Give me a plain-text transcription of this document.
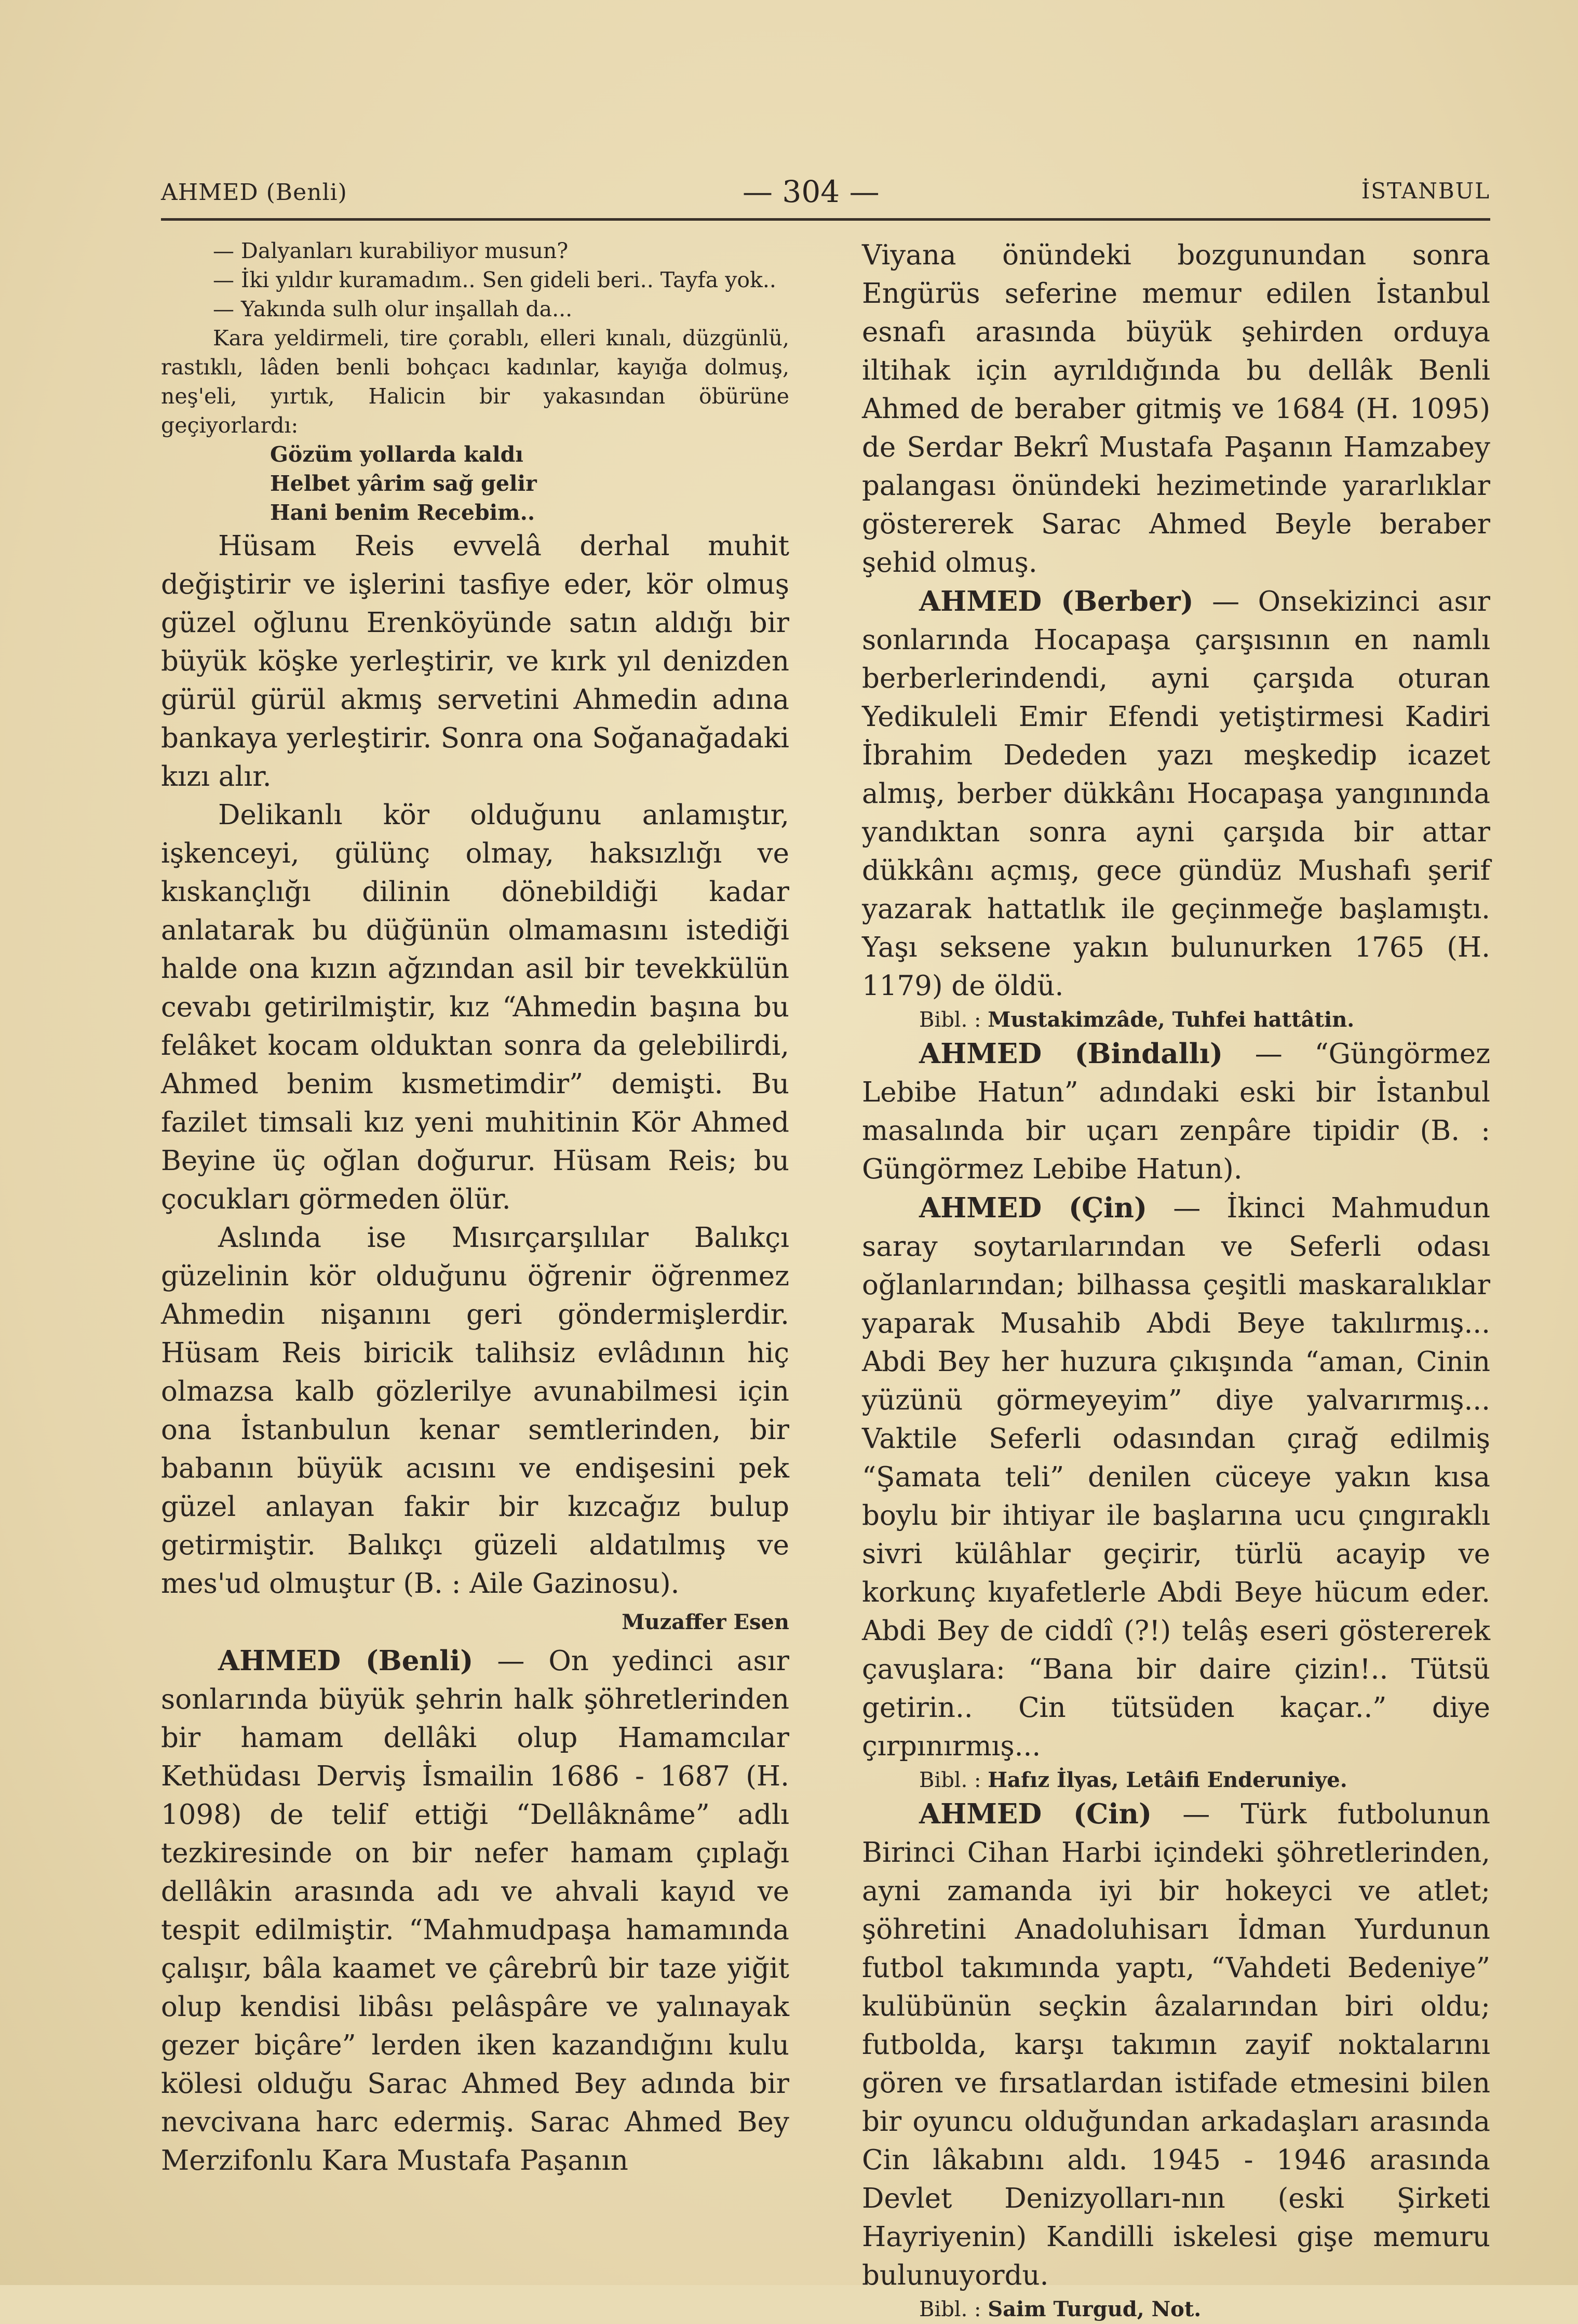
AHMED (Benli)	— 304 —	İSTANBUL

— Dalyanları kurabiliyor musun?

— İki yıldır kuramadım.. Sen gideli beri.. Tayfa yok..

— Yakında sulh olur inşallah da...

Kara yeldirmeli, tire çorablı, elleri kınalı, düzgünlü, rastıklı, lâden benli bohçacı kadınlar, kayığa dolmuş, neş'eli, yırtık, Halicin bir yakasından öbürüne geçiyorlardı:

Gözüm yollarda kaldı

Helbet yârim sağ gelir

Hani benim Recebim..

Hüsam Reis evvelâ derhal muhit değiştirir ve işlerini tasfiye eder, kör olmuş güzel oğlunu Erenköyünde satın aldığı bir büyük köşke yerleştirir, ve kırk yıl denizden gürül gürül akmış servetini Ahmedin adına bankaya yerleştirir. Sonra ona Soğanağadaki kızı alır.

Delikanlı kör olduğunu anlamıştır, işkenceyi, gülünç olmay, haksızlığı ve kıskançlığı dilinin dönebildiği kadar anlatarak bu düğünün olmamasını istediği halde ona kızın ağzından asil bir tevekkülün cevabı getirilmiştir, kız “Ahmedin başına bu felâket kocam olduktan sonra da gelebilirdi, Ahmed benim kısmetimdir” demişti. Bu fazilet timsali kız yeni muhitinin Kör Ahmed Beyine üç oğlan doğurur. Hüsam Reis; bu çocukları görmeden ölür.

Aslında ise Mısırçarşılılar Balıkçı güzelinin kör olduğunu öğrenir öğrenmez Ahmedin nişanını geri göndermişlerdir. Hüsam Reis biricik talihsiz evlâdının hiç olmazsa kalb gözlerilye avunabilmesi için ona İstanbulun kenar semtlerinden, bir babanın büyük acısını ve endişesini pek güzel anlayan fakir bir kızcağız bulup getirmiştir. Balıkçı güzeli aldatılmış ve mes'ud olmuştur (B. : Aile Gazinosu).

Muzaffer Esen

AHMED (Benli) — On yedinci asır sonlarında büyük şehrin halk şöhretlerinden bir hamam dellâki olup Hamamcılar Kethüdası Derviş İsmailin 1686 - 1687 (H. 1098) de telif ettiği “Dellâknâme” adlı tezkiresinde on bir nefer hamam çıplağı dellâkin arasında adı ve ahvali kayıd ve tespit edilmiştir. “Mahmudpaşa hamamında çalışır, bâla kaamet ve çârebrû bir taze yiğit olup kendisi libâsı pelâspâre ve yalınayak gezer biçâre” lerden iken kazandığını kulu kölesi olduğu Sarac Ahmed Bey adında bir nevcivana harc edermiş. Sarac Ahmed Bey Merzifonlu Kara Mustafa Paşanın

Viyana önündeki bozgunundan sonra Engürüs seferine memur edilen İstanbul esnafı arasında büyük şehirden orduya iltihak için ayrıldığında bu dellâk Benli Ahmed de beraber gitmiş ve 1684 (H. 1095) de Serdar Bekrî Mustafa Paşanın Hamzabey palangası önündeki hezimetinde yararlıklar göstererek Sarac Ahmed Beyle beraber şehid olmuş.

AHMED (Berber) — Onsekizinci asır sonlarında Hocapaşa çarşısının en namlı berberlerindendi, ayni çarşıda oturan Yedikuleli Emir Efendi yetiştirmesi Kadiri İbrahim Dededen yazı meşkedip icazet almış, berber dükkânı Hocapaşa yangınında yandıktan sonra ayni çarşıda bir attar dükkânı açmış, gece gündüz Mushafı şerif yazarak hattatlık ile geçinmeğe başlamıştı. Yaşı seksene yakın bulunurken 1765 (H. 1179) de öldü.

Bibl. : Mustakimzâde, Tuhfei hattâtin.

AHMED (Bindallı) — “Güngörmez Lebibe Hatun” adındaki eski bir İstanbul masalında bir uçarı zenpâre tipidir (B. : Güngörmez Lebibe Hatun).

AHMED (Çin) — İkinci Mahmudun saray soytarılarından ve Seferli odası oğlanlarından; bilhassa çeşitli maskaralıklar yaparak Musahib Abdi Beye takılırmış... Abdi Bey her huzura çıkışında “aman, Cinin yüzünü görmeyeyim” diye yalvarırmış... Vaktile Seferli odasından çırağ edilmiş “Şamata teli” denilen cüceye yakın kısa boylu bir ihtiyar ile başlarına ucu çıngıraklı sivri külâhlar geçirir, türlü acayip ve korkunç kıyafetlerle Abdi Beye hücum eder. Abdi Bey de ciddî (?!) telâş eseri göstererek çavuşlara: “Bana bir daire çizin!.. Tütsü getirin.. Cin tütsüden kaçar..” diye çırpınırmış...

Bibl. : Hafız İlyas, Letâifi Enderuniye.

AHMED (Cin) — Türk futbolunun Birinci Cihan Harbi içindeki şöhretlerinden, ayni zamanda iyi bir hokeyci ve atlet; şöhretini Anadoluhisarı İdman Yurdunun futbol takımında yaptı, “Vahdeti Bedeniye” kulübünün seçkin âzalarından biri oldu; futbolda, karşı takımın zayif noktalarını gören ve fırsatlardan istifade etmesini bilen bir oyuncu olduğundan arkadaşları arasında Cin lâkabını aldı. 1945 - 1946 arasında Devlet Denizyolları-nın (eski Şirketi Hayriyenin) Kandilli iskelesi gişe memuru bulunuyordu.

Bibl. : Saim Turgud, Not.
